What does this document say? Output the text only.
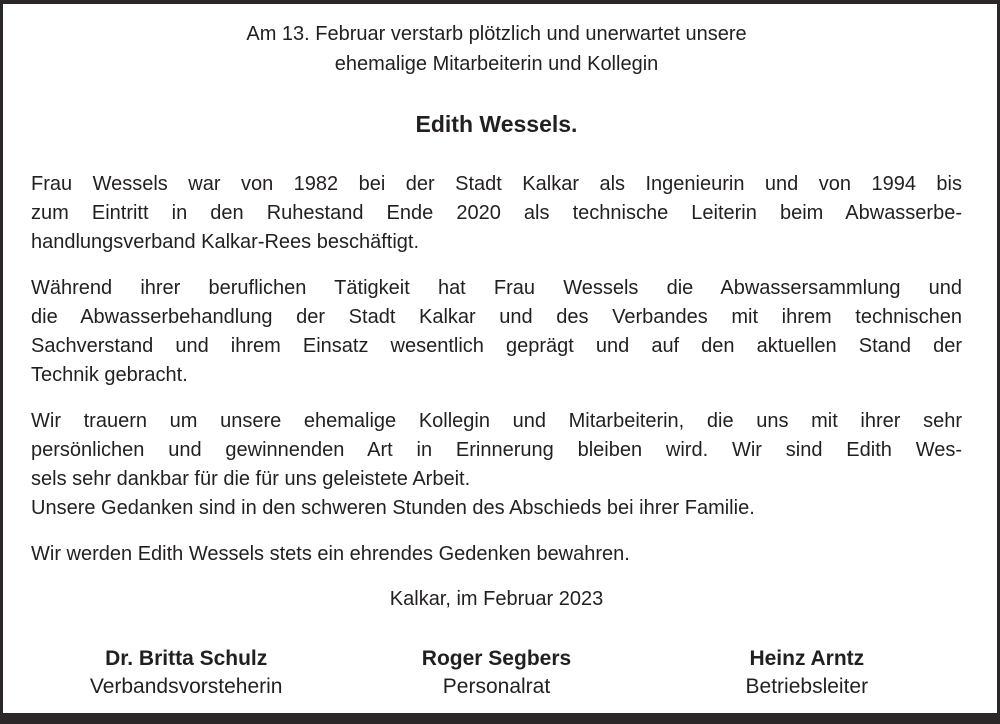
Am 13. Februar verstarb plötzlich und unerwartet unsere
ehemalige Mitarbeiterin und Kollegin
Edith Wessels.
Frau Wessels war von 1982 bei der Stadt Kalkar als Ingenieurin und von 1994 bis
zum Eintritt in den Ruhestand Ende 2020 als technische Leiterin beim Abwasserbe-
handlungsverband Kalkar-Rees beschäftigt.
Während ihrer beruflichen Tätigkeit hat Frau Wessels die Abwassersammlung und
die Abwasserbehandlung der Stadt Kalkar und des Verbandes mit ihrem technischen
Sachverstand und ihrem Einsatz wesentlich geprägt und auf den aktuellen Stand der
Technik gebracht.
Wir trauern um unsere ehemalige Kollegin und Mitarbeiterin, die uns mit ihrer sehr
persönlichen und gewinnenden Art in Erinnerung bleiben wird. Wir sind Edith Wes-
sels sehr dankbar für die für uns geleistete Arbeit.
Unsere Gedanken sind in den schweren Stunden des Abschieds bei ihrer Familie.
Wir werden Edith Wessels stets ein ehrendes Gedenken bewahren.
Kalkar, im Februar 2023
Dr. Britta Schulz
Verbandsvorsteherin
Roger Segbers
Personalrat
Heinz Arntz
Betriebsleiter
